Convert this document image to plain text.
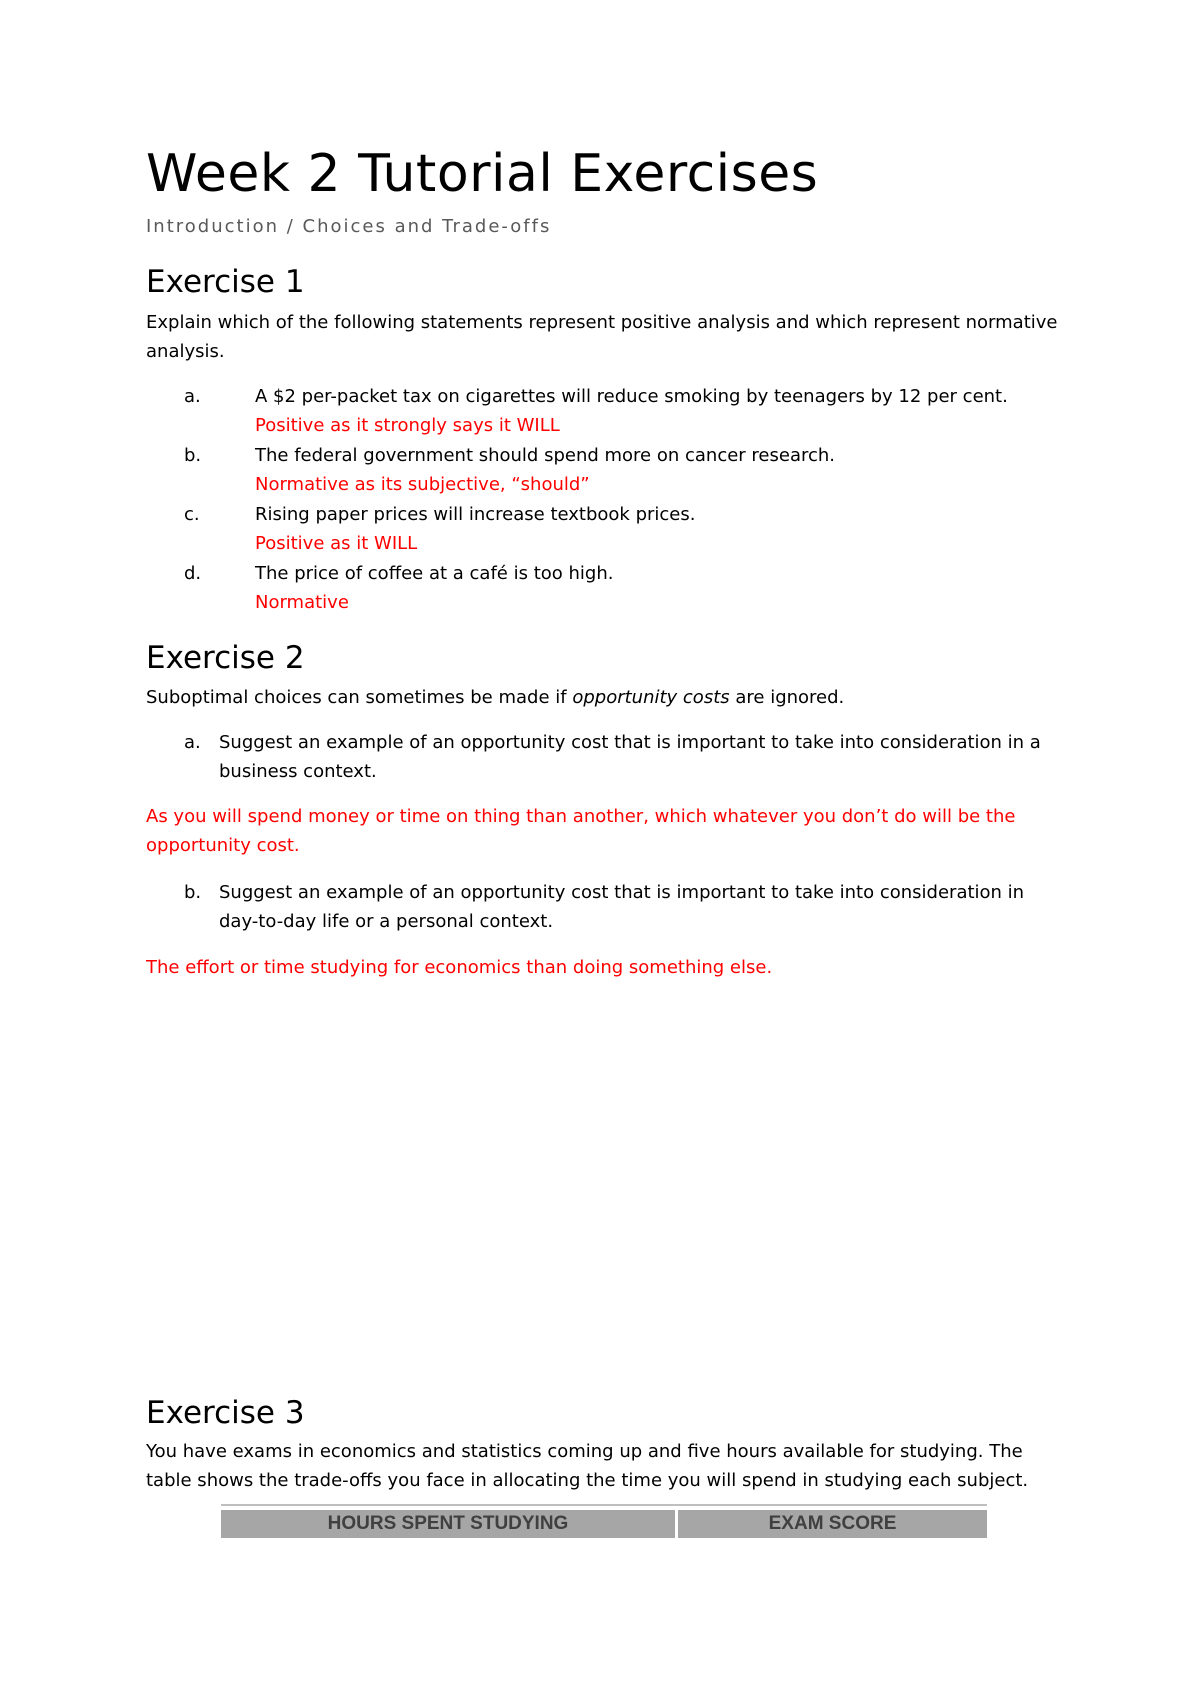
Week 2 Tutorial Exercises

Introduction / Choices and Trade-offs

Exercise 1

Explain which of the following statements represent positive analysis and which represent normative analysis.

a.	A $2 per-packet tax on cigarettes will reduce smoking by teenagers by 12 per cent.
Positive as it strongly says it WILL
b.	The federal government should spend more on cancer research.
Normative as its subjective, “should”
c.	Rising paper prices will increase textbook prices.
Positive as it WILL
d.	The price of coffee at a café is too high.
Normative
Exercise 2

Suboptimal choices can sometimes be made if opportunity costs are ignored.

a. Suggest an example of an opportunity cost that is important to take into consideration in a
business context.

As you will spend money or time on thing than another, which whatever you don’t do will be the opportunity cost.

b. Suggest an example of an opportunity cost that is important to take into consideration in
day-to-day life or a personal context.

The effort or time studying for economics than doing something else.

Exercise 3

You have exams in economics and statistics coming up and five hours available for studying. The table shows the trade-offs you face in allocating the time you will spend in studying each subject.

HOURS SPENT STUDYING	EXAM SCORE
